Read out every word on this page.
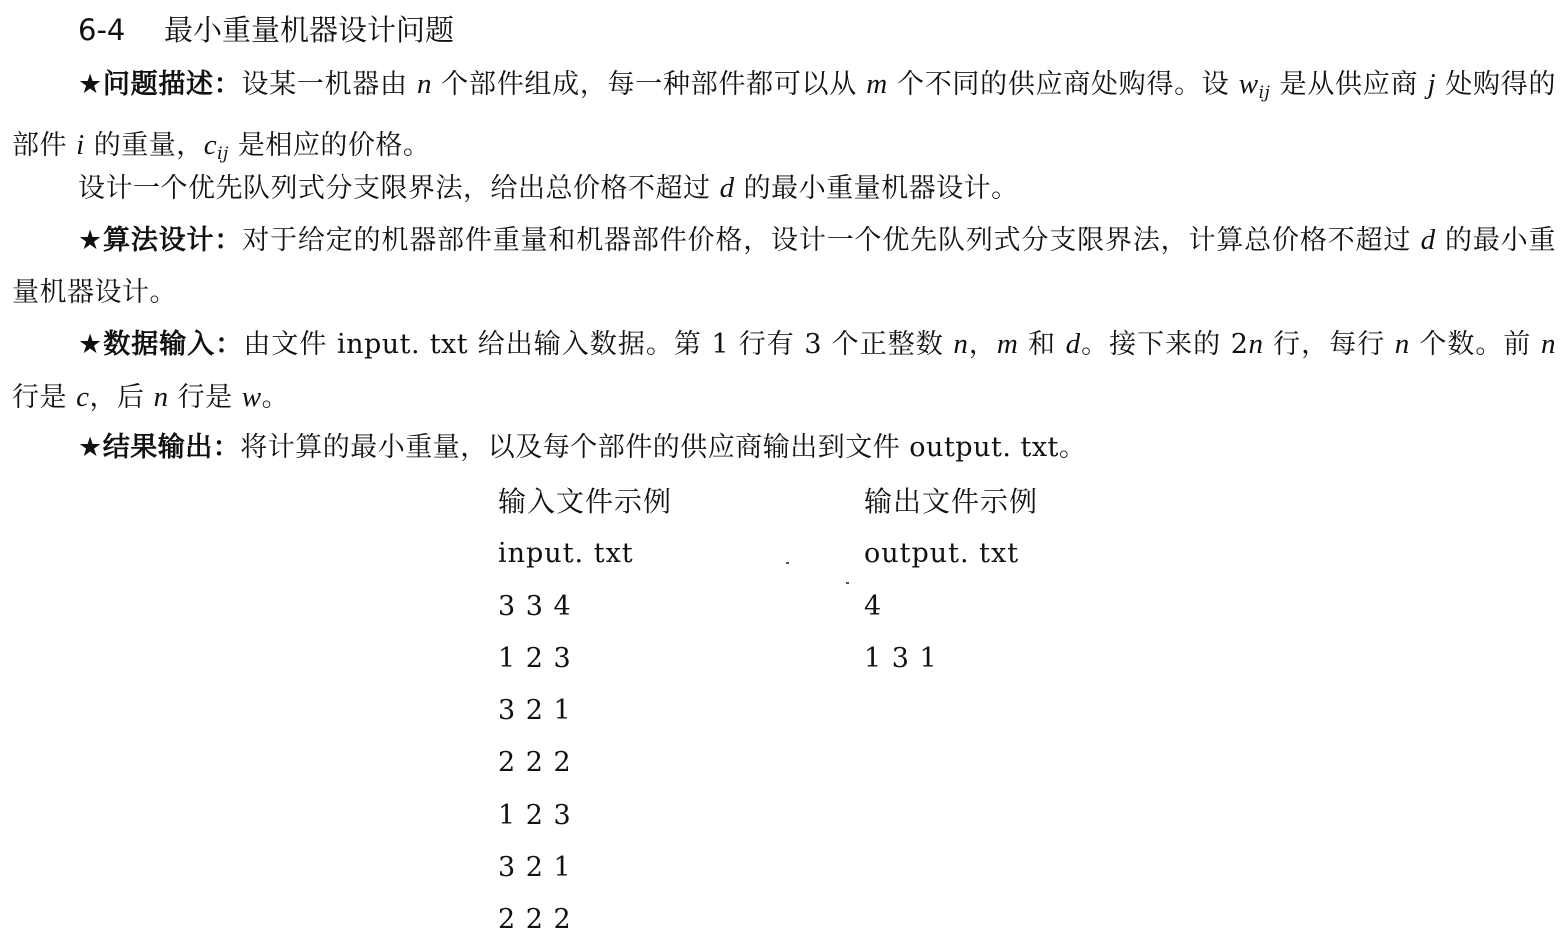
6-4 最小重量机器设计问题
★问题描述：设某一机器由 n 个部件组成，每一种部件都可以从 m 个不同的供应商处购得。设 $w_{ij}$ 是从供应商 j 处购得的部件 i 的重量，$c_{ij}$ 是相应的价格。
设计一个优先队列式分支限界法，给出总价格不超过 d 的最小重量机器设计。
★算法设计：对于给定的机器部件重量和机器部件价格，设计一个优先队列式分支限界法，计算总价格不超过 d 的最小重量机器设计。
★数据输入：由文件 input. txt 给出输入数据。第 1 行有 3 个正整数 n，m 和 d。接下来的 2n 行，每行 n 个数。前 n 行是 c，后 n 行是 w。
★结果输出：将计算的最小重量，以及每个部件的供应商输出到文件 output. txt。
输入文件示例
input. txt
3 3 4
1 2 3
3 2 1
2 2 2
1 2 3
3 2 1
2 2 2
输出文件示例
output. txt
4
1 3 1
